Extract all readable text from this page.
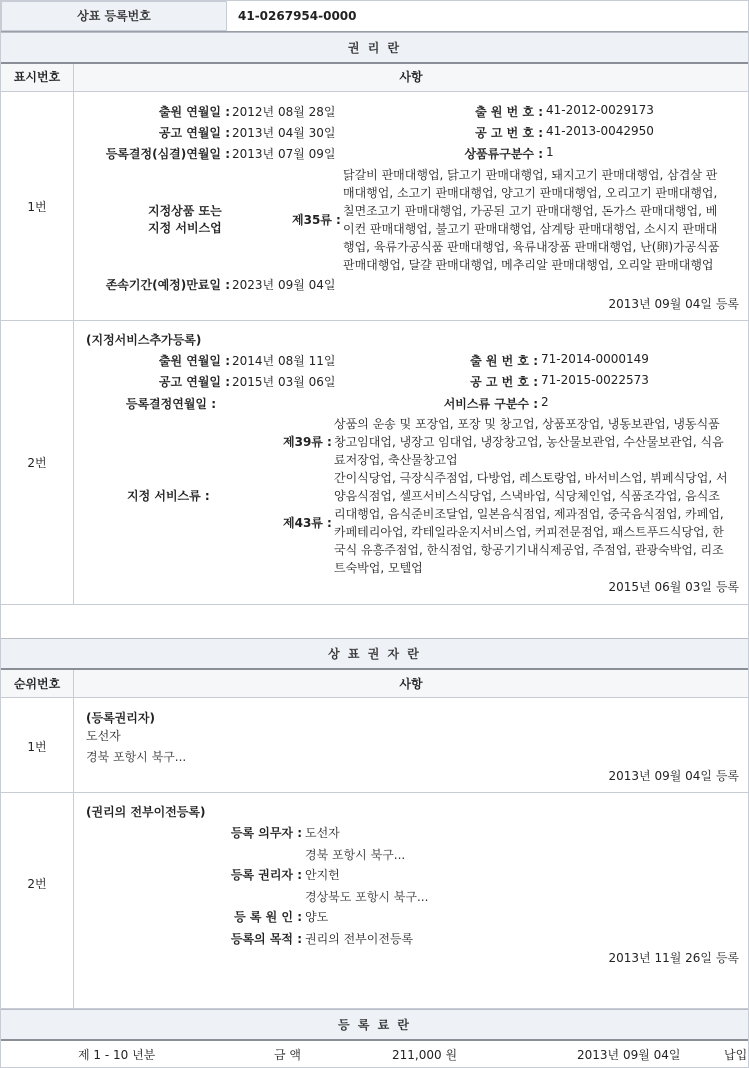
상표 등록번호	41-0267954-0000
권 리 란
표시번호	사항
1번
출원 연월일 : 2012년 08월 28일	출 원 번 호 : 41-2012-0029173
공고 연월일 : 2013년 04월 30일	공 고 번 호 : 41-2013-0042950
등록결정(심결)연월일 : 2013년 07월 09일	상품류구분수 : 1
지정상품 또는
지정 서비스업
제35류 :
닭갈비 판매대행업, 닭고기 판매대행업, 돼지고기 판매대행업, 삼겹살 판
매대행업, 소고기 판매대행업, 양고기 판매대행업, 오리고기 판매대행업,
칠면조고기 판매대행업, 가공된 고기 판매대행업, 돈가스 판매대행업, 베
이컨 판매대행업, 불고기 판매대행업, 삼계탕 판매대행업, 소시지 판매대
행업, 육류가공식품 판매대행업, 육류내장품 판매대행업, 난(卵)가공식품
판매대행업, 달걀 판매대행업, 메추리알 판매대행업, 오리알 판매대행업
존속기간(예정)만료일 : 2023년 09월 04일
2013년 09월 04일 등록
2번
(지정서비스추가등록)
출원 연월일 : 2014년 08월 11일	출 원 번 호 : 71-2014-0000149
공고 연월일 : 2015년 03월 06일	공 고 번 호 : 71-2015-0022573
등록결정연월일 :	서비스류 구분수 : 2
지정 서비스류 :
제39류 :
상품의 운송 및 포장업, 포장 및 창고업, 상품포장업, 냉동보관업, 냉동식품
창고임대업, 냉장고 임대업, 냉장창고업, 농산물보관업, 수산물보관업, 식음
료저장업, 축산물창고업
제43류 :
간이식당업, 극장식주점업, 다방업, 레스토랑업, 바서비스업, 뷔페식당업, 서
양음식점업, 셀프서비스식당업, 스낵바업, 식당체인업, 식품조각업, 음식조
리대행업, 음식준비조달업, 일본음식점업, 제과점업, 중국음식점업, 카페업,
카페테리아업, 칵테일라운지서비스업, 커피전문점업, 패스트푸드식당업, 한
국식 유흥주점업, 한식점업, 항공기기내식제공업, 주점업, 관광숙박업, 리조
트숙박업, 모텔업
2015년 06월 03일 등록
상 표 권 자 란
순위번호	사항
1번
(등록권리자)
도선자
경북 포항시 북구...
2013년 09월 04일 등록
2번
(권리의 전부이전등록)
등록 의무자 : 도선자
경북 포항시 북구...
등록 권리자 : 안지헌
경상북도 포항시 북구...
등 록 원 인 : 양도
등록의 목적 : 권리의 전부이전등록
2013년 11월 26일 등록
등 록 료 란
제 1 - 10 년분	금 액	211,000 원	2013년 09월 04일	납입
